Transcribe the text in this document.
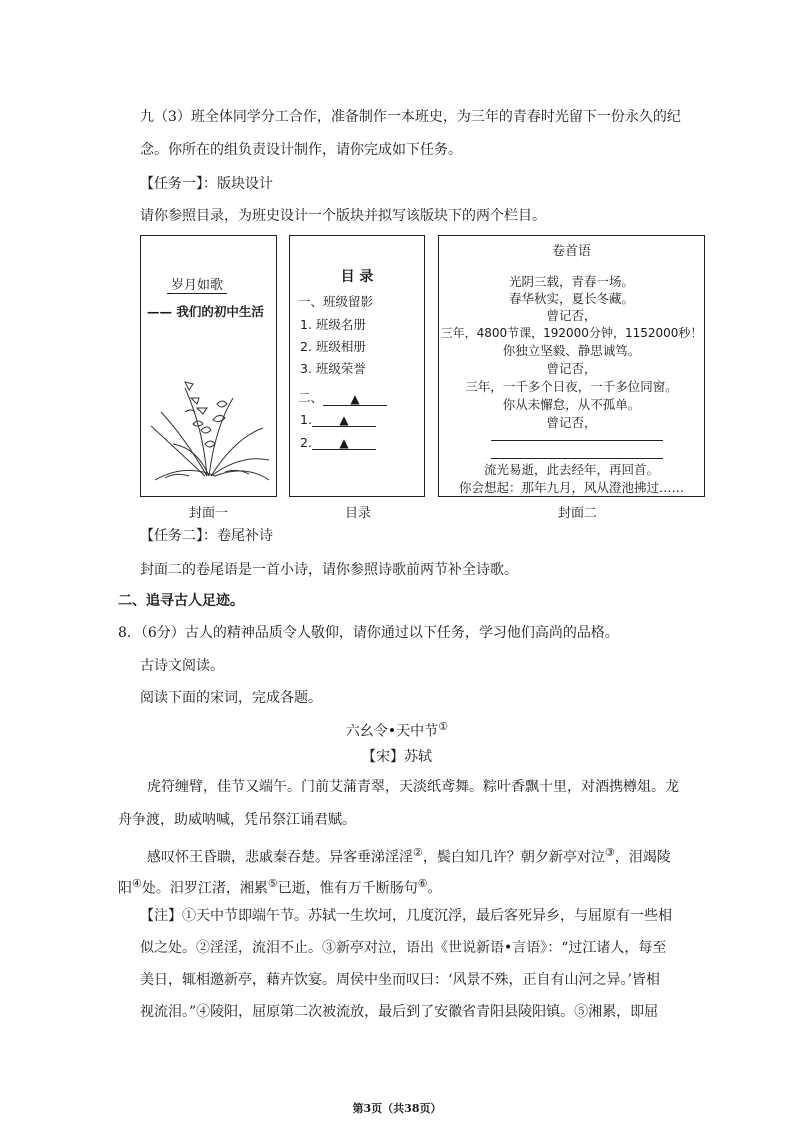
九（3）班全体同学分工合作，准备制作一本班史，为三年的青春时光留下一份永久的纪
念。你所在的组负责设计制作，请你完成如下任务。
【任务一】：版块设计
请你参照目录，为班史设计一个版块并拟写该版块下的两个栏目。
岁月如歌
—— 我们的初中生活
封面一
目 录
一、班级留影
1. 班级名册
2. 班级相册
3. 班级荣誉
二、 ▲
1. ▲
2. ▲
目录
卷首语
光阴三载，青春一场。
春华秋实，夏长冬藏。
曾记否，
三年，4800节课，192000分钟，1152000秒！
你独立坚毅、静思诚笃。
曾记否，
三年，一千多个日夜，一千多位同窗。
你从未懈怠，从不孤单。
曾记否，
流光易逝，此去经年，再回首。
你会想起：那年九月，风从澄池拂过……
封面二
【任务二】：卷尾补诗
封面二的卷尾语是一首小诗，请你参照诗歌前两节补全诗歌。
二、追寻古人足迹。
8．（6分）古人的精神品质令人敬仰，请你通过以下任务，学习他们高尚的品格。
古诗文阅读。
阅读下面的宋词，完成各题。
六幺令•天中节①
【宋】苏轼
虎符缠臂，佳节又端午。门前艾蒲青翠，天淡纸鸢舞。粽叶香飘十里，对酒携樽俎。龙
舟争渡，助威呐喊，凭吊祭江诵君赋。
感叹怀王昏聩，悲戚秦吞楚。异客垂涕淫淫②，鬓白知几许？朝夕新亭对泣③，泪竭陵
阳④处。汨罗江渚，湘累⑤已逝，惟有万千断肠句⑥。
【注】①天中节即端午节。苏轼一生坎坷，几度沉浮，最后客死异乡，与屈原有一些相
似之处。②淫淫，流泪不止。③新亭对泣，语出《世说新语•言语》：“过江诸人，每至
美日，辄相邀新亭，藉卉饮宴。周侯中坐而叹曰：‘风景不殊，正自有山河之异。’皆相
视流泪。”④陵阳，屈原第二次被流放，最后到了安徽省青阳县陵阳镇。⑤湘累，即屈
第3页（共38页）
